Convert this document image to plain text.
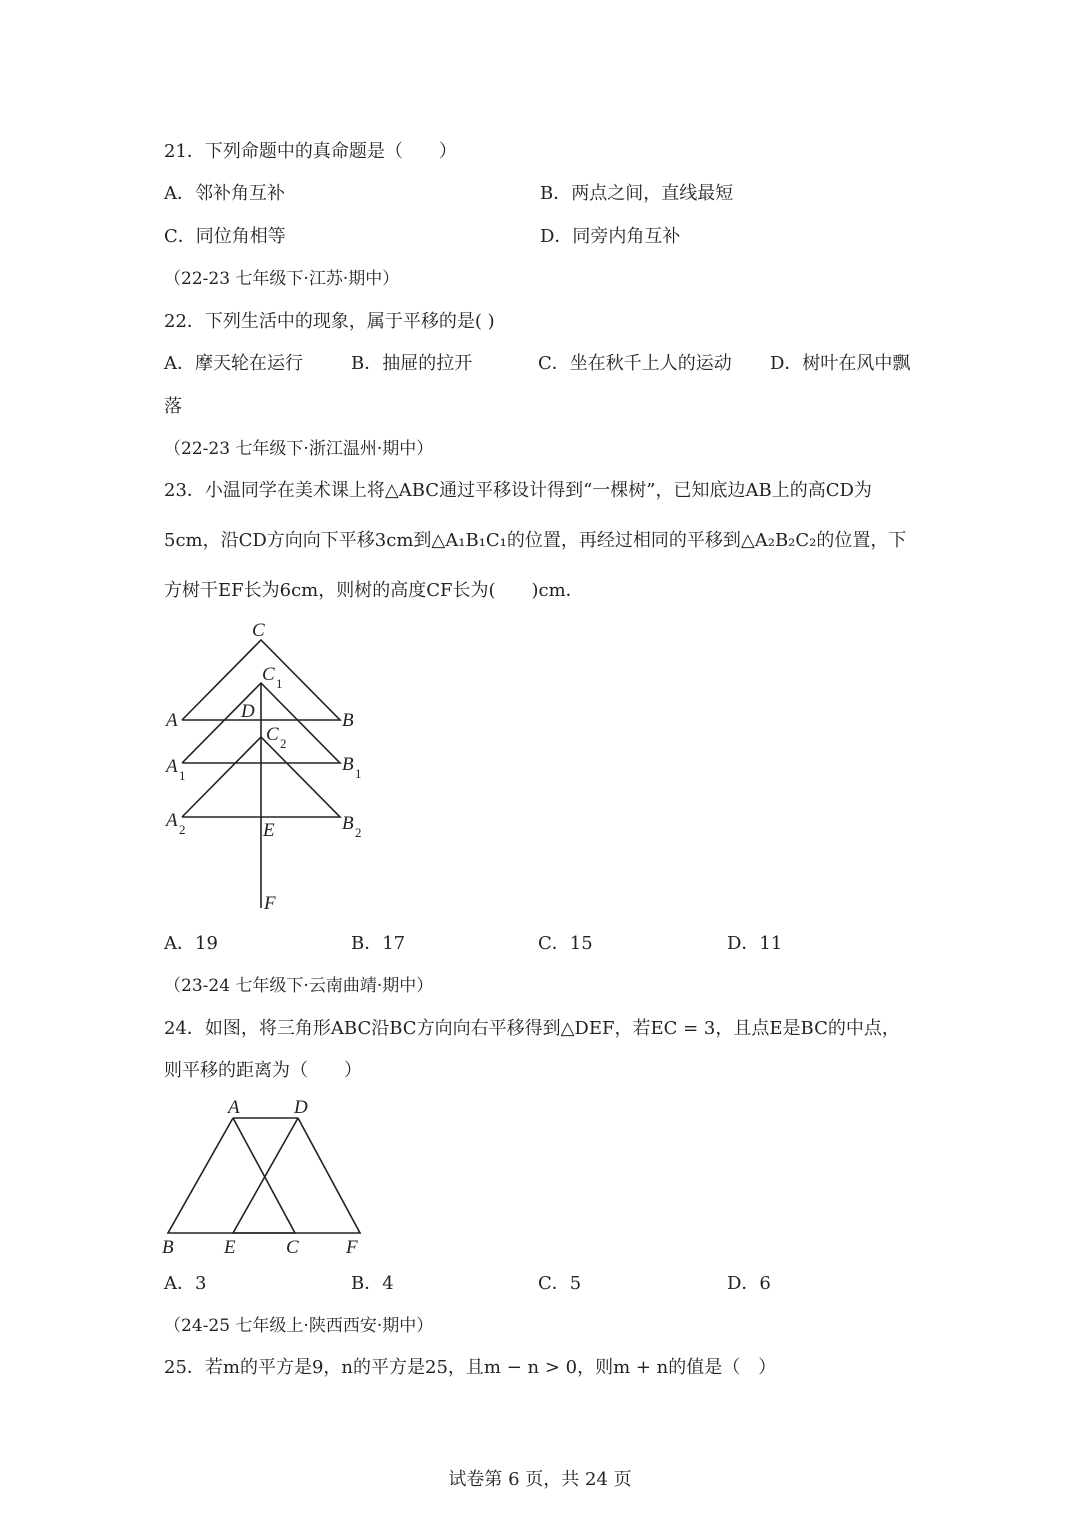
21．下列命题中的真命题是（　　）
A．邻补角互补	B．两点之间，直线最短
C．同位角相等	D．同旁内角互补
（22-23 七年级下·江苏·期中）
22．下列生活中的现象，属于平移的是( )
A．摩天轮在运行	B．抽屉的拉开	C．坐在秋千上人的运动 D．树叶在风中飘
落
（22-23 七年级下·浙江温州·期中）
23．小温同学在美术课上将△ABC通过平移设计得到“一棵树”，已知底边AB上的高CD为
5cm，沿CD方向向下平移3cm到△A₁B₁C₁的位置，再经过相同的平移到△A₂B₂C₂的位置，下
方树干EF长为6cm，则树的高度CF长为(　　)cm．
C
C 1
A	D	B
C 2
A 1
B 1
A 2	E	B 2
F
A．19	B．17	C．15	D．11
（23-24 七年级下·云南曲靖·期中）
24．如图，将三角形ABC沿BC方向向右平移得到△DEF，若EC = 3，且点E是BC的中点，
则平移的距离为（　　）
A	D
B	E	C F
A．3	B．4	C．5	D．6
（24-25 七年级上·陕西西安·期中）
25．若m的平方是9，n的平方是25，且m − n > 0，则m + n的值是（　）
试卷第 6 页，共 24 页
